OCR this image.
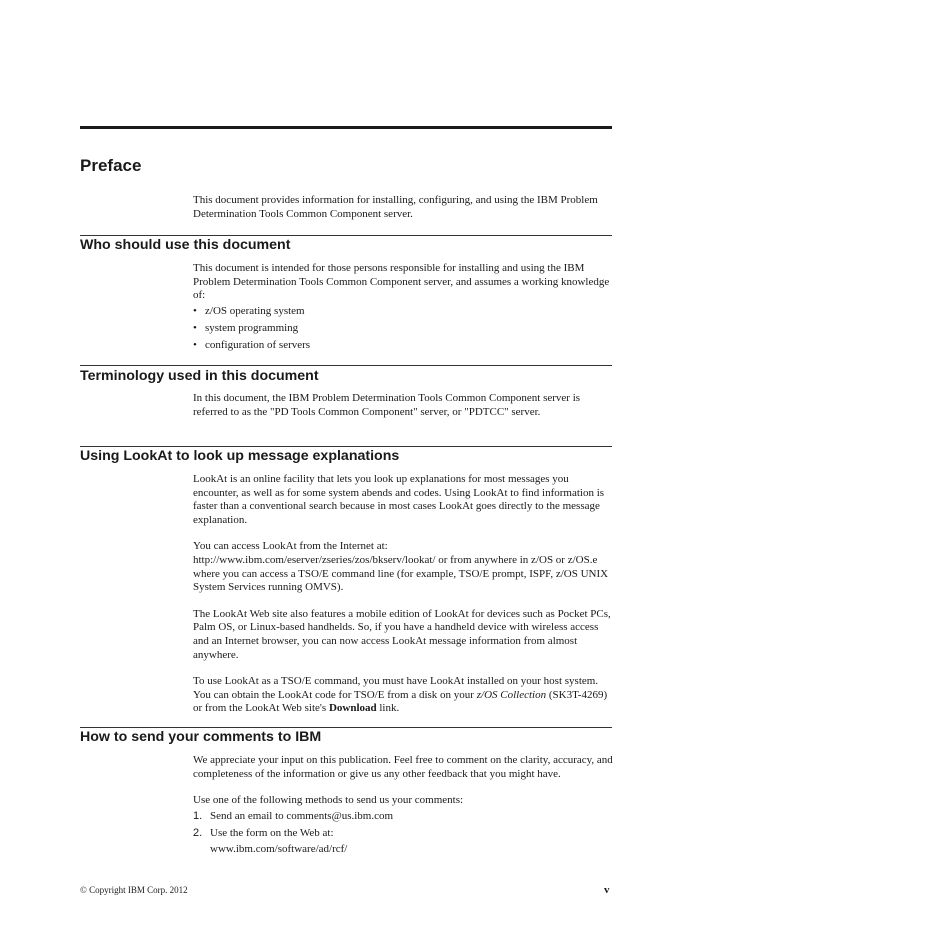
Preface

This document provides information for installing, configuring, and using the IBM Problem Determination Tools Common Component server.

Who should use this document

This document is intended for those persons responsible for installing and using the IBM Problem Determination Tools Common Component server, and assumes a working knowledge of:

• z/OS operating system
• system programming
• configuration of servers
Terminology used in this document

In this document, the IBM Problem Determination Tools Common Component server is referred to as the "PD Tools Common Component" server, or "PDTCC" server.

Using LookAt to look up message explanations

LookAt is an online facility that lets you look up explanations for most messages you encounter, as well as for some system abends and codes. Using LookAt to find information is faster than a conventional search because in most cases LookAt goes directly to the message explanation.

You can access LookAt from the Internet at: http://www.ibm.com/eserver/zseries/zos/bkserv/lookat/ or from anywhere in z/OS or z/OS.e where you can access a TSO/E command line (for example, TSO/E prompt, ISPF, z/OS UNIX System Services running OMVS).

The LookAt Web site also features a mobile edition of LookAt for devices such as Pocket PCs, Palm OS, or Linux-based handhelds. So, if you have a handheld device with wireless access and an Internet browser, you can now access LookAt message information from almost anywhere.

To use LookAt as a TSO/E command, you must have LookAt installed on your host system. You can obtain the LookAt code for TSO/E from a disk on your z/OS Collection (SK3T-4269) or from the LookAt Web site's Download link.

How to send your comments to IBM

We appreciate your input on this publication. Feel free to comment on the clarity, accuracy, and completeness of the information or give us any other feedback that you might have.

Use one of the following methods to send us your comments:

1. Send an email to comments@us.ibm.com
2. Use the form on the Web at:
www.ibm.com/software/ad/rcf/
© Copyright IBM Corp. 2012	v
